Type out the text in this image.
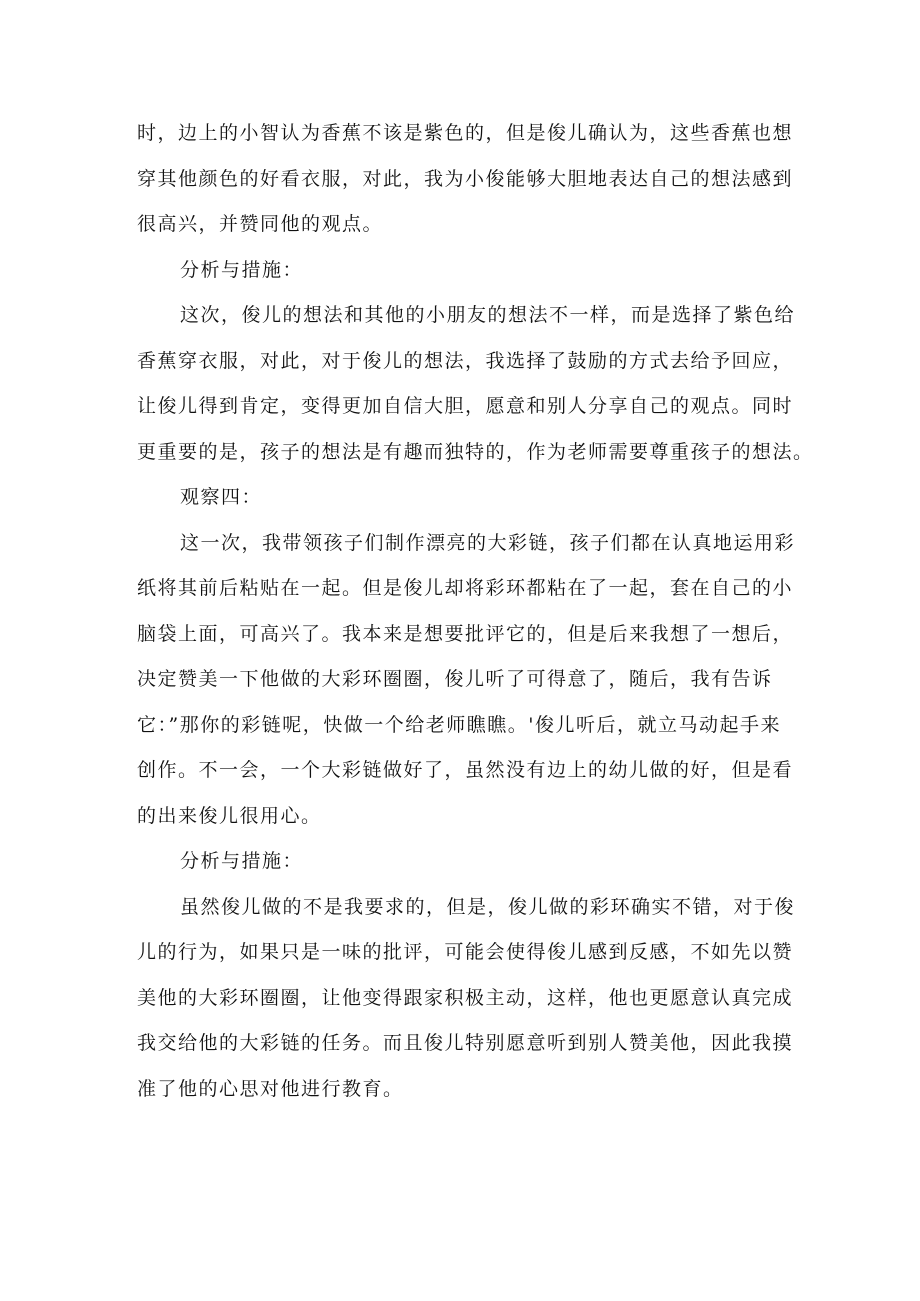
时，边上的小智认为香蕉不该是紫色的，但是俊儿确认为，这些香蕉也想
穿其他颜色的好看衣服，对此，我为小俊能够大胆地表达自己的想法感到
很高兴，并赞同他的观点。
分析与措施：
这次，俊儿的想法和其他的小朋友的想法不一样，而是选择了紫色给
香蕉穿衣服，对此，对于俊儿的想法，我选择了鼓励的方式去给予回应，
让俊儿得到肯定，变得更加自信大胆，愿意和别人分享自己的观点。同时
更重要的是，孩子的想法是有趣而独特的，作为老师需要尊重孩子的想法。
观察四：
这一次，我带领孩子们制作漂亮的大彩链，孩子们都在认真地运用彩
纸将其前后粘贴在一起。但是俊儿却将彩环都粘在了一起，套在自己的小
脑袋上面，可高兴了。我本来是想要批评它的，但是后来我想了一想后，
决定赞美一下他做的大彩环圈圈，俊儿听了可得意了，随后，我有告诉
它：”那你的彩链呢，快做一个给老师瞧瞧。'俊儿听后，就立马动起手来
创作。不一会，一个大彩链做好了，虽然没有边上的幼儿做的好，但是看
的出来俊儿很用心。
分析与措施：
虽然俊儿做的不是我要求的，但是，俊儿做的彩环确实不错，对于俊
儿的行为，如果只是一味的批评，可能会使得俊儿感到反感，不如先以赞
美他的大彩环圈圈，让他变得跟家积极主动，这样，他也更愿意认真完成
我交给他的大彩链的任务。而且俊儿特别愿意听到别人赞美他，因此我摸
准了他的心思对他进行教育。
